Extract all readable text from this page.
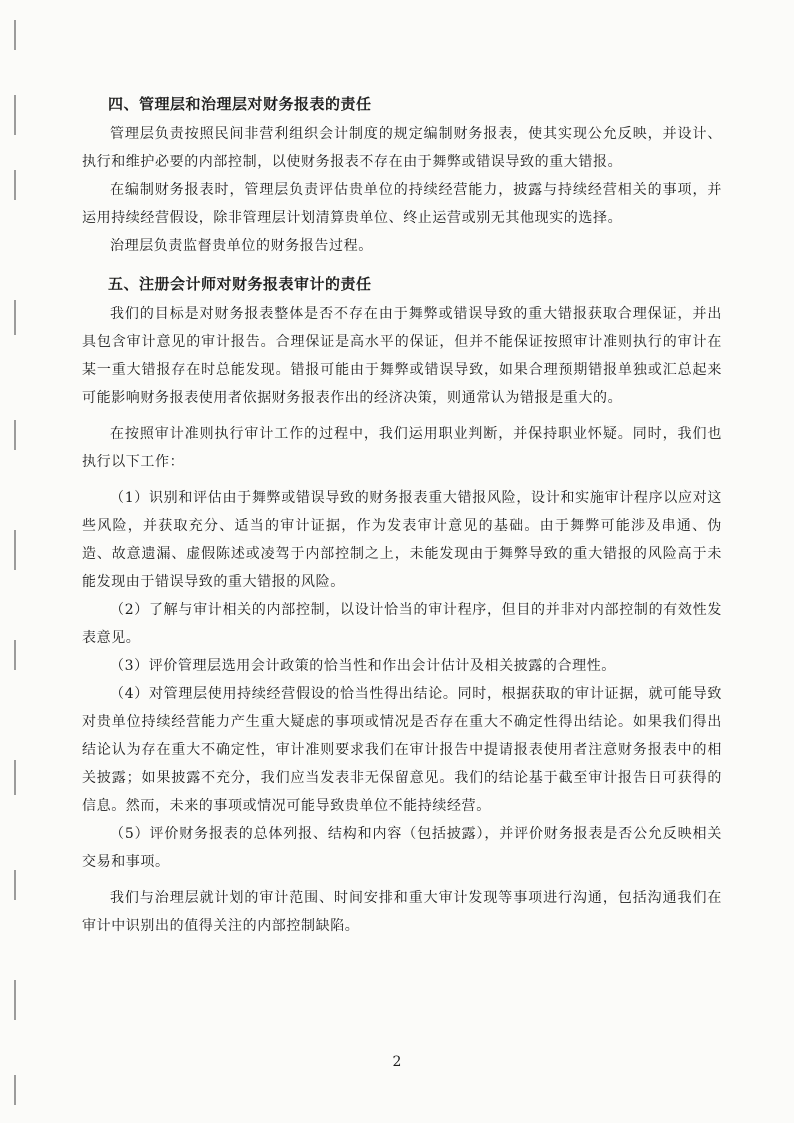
四、管理层和治理层对财务报表的责任

管理层负责按照民间非营利组织会计制度的规定编制财务报表，使其实现公允反映，并设计、执行和维护必要的内部控制，以使财务报表不存在由于舞弊或错误导致的重大错报。

在编制财务报表时，管理层负责评估贵单位的持续经营能力，披露与持续经营相关的事项，并运用持续经营假设，除非管理层计划清算贵单位、终止运营或别无其他现实的选择。

治理层负责监督贵单位的财务报告过程。

五、注册会计师对财务报表审计的责任

我们的目标是对财务报表整体是否不存在由于舞弊或错误导致的重大错报获取合理保证，并出具包含审计意见的审计报告。合理保证是高水平的保证，但并不能保证按照审计准则执行的审计在某一重大错报存在时总能发现。错报可能由于舞弊或错误导致，如果合理预期错报单独或汇总起来可能影响财务报表使用者依据财务报表作出的经济决策，则通常认为错报是重大的。

在按照审计准则执行审计工作的过程中，我们运用职业判断，并保持职业怀疑。同时，我们也执行以下工作：

（1）识别和评估由于舞弊或错误导致的财务报表重大错报风险，设计和实施审计程序以应对这些风险，并获取充分、适当的审计证据，作为发表审计意见的基础。由于舞弊可能涉及串通、伪造、故意遗漏、虚假陈述或凌驾于内部控制之上，未能发现由于舞弊导致的重大错报的风险高于未能发现由于错误导致的重大错报的风险。

（2）了解与审计相关的内部控制，以设计恰当的审计程序，但目的并非对内部控制的有效性发表意见。

（3）评价管理层选用会计政策的恰当性和作出会计估计及相关披露的合理性。

（4）对管理层使用持续经营假设的恰当性得出结论。同时，根据获取的审计证据，就可能导致对贵单位持续经营能力产生重大疑虑的事项或情况是否存在重大不确定性得出结论。如果我们得出结论认为存在重大不确定性，审计准则要求我们在审计报告中提请报表使用者注意财务报表中的相关披露；如果披露不充分，我们应当发表非无保留意见。我们的结论基于截至审计报告日可获得的信息。然而，未来的事项或情况可能导致贵单位不能持续经营。

（5）评价财务报表的总体列报、结构和内容（包括披露），并评价财务报表是否公允反映相关交易和事项。

我们与治理层就计划的审计范围、时间安排和重大审计发现等事项进行沟通，包括沟通我们在审计中识别出的值得关注的内部控制缺陷。

2
